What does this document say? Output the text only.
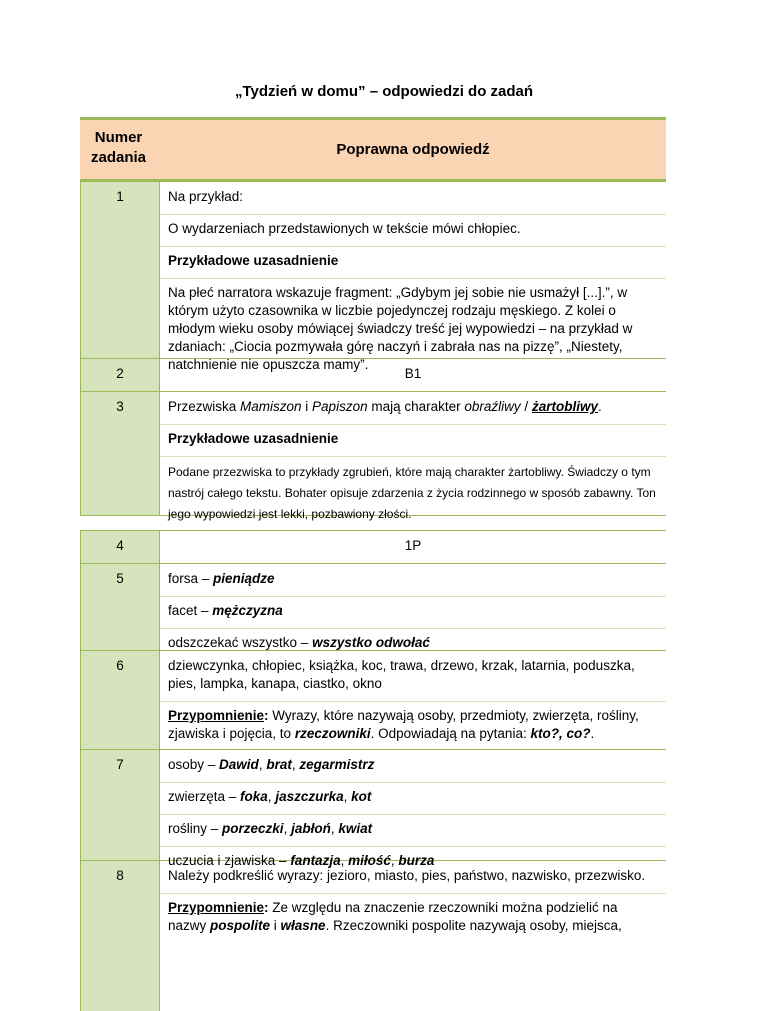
„Tydzień w domu” – odpowiedzi do zadań
Numer zadania	Poprawna odpowiedź
1	Na przykład:

O wydarzeniach przedstawionych w tekście mówi chłopiec.

Przykładowe uzasadnienie

Na płeć narratora wskazuje fragment: „Gdybym jej sobie nie usmażył [...].”, w którym użyto czasownika w liczbie pojedynczej rodzaju męskiego. Z kolei o młodym wieku osoby mówiącej świadczy treść jej wypowiedzi – na przykład w zdaniach: „Ciocia pozmywała górę naczyń i zabrała nas na pizzę”, „Niestety, natchnienie nie opuszcza mamy”.

2	B1
3	Przezwiska Mamiszon i Papiszon mają charakter obraźliwy / żartobliwy.

Przykładowe uzasadnienie

Podane przezwiska to przykłady zgrubień, które mają charakter żartobliwy. Świadczy o tym nastrój całego tekstu. Bohater opisuje zdarzenia z życia rodzinnego w sposób zabawny. Ton jego wypowiedzi jest lekki, pozbawiony złości.

4	1P
5	forsa – pieniądze

facet – mężczyzna

odszczekać wszystko – wszystko odwołać

6	dziewczynka, chłopiec, książka, koc, trawa, drzewo, krzak, latarnia, poduszka, pies, lampka, kanapa, ciastko, okno

Przypomnienie: Wyrazy, które nazywają osoby, przedmioty, zwierzęta, rośliny, zjawiska i pojęcia, to rzeczowniki. Odpowiadają na pytania: kto?, co?.

7	osoby – Dawid, brat, zegarmistrz

zwierzęta – foka, jaszczurka, kot

rośliny – porzeczki, jabłoń, kwiat

uczucia i zjawiska – fantazja, miłość, burza

8	Należy podkreślić wyrazy: jezioro, miasto, pies, państwo, nazwisko, przezwisko.

Przypomnienie: Ze względu na znaczenie rzeczowniki można podzielić na nazwy pospolite i własne. Rzeczowniki pospolite nazywają osoby, miejsca,
